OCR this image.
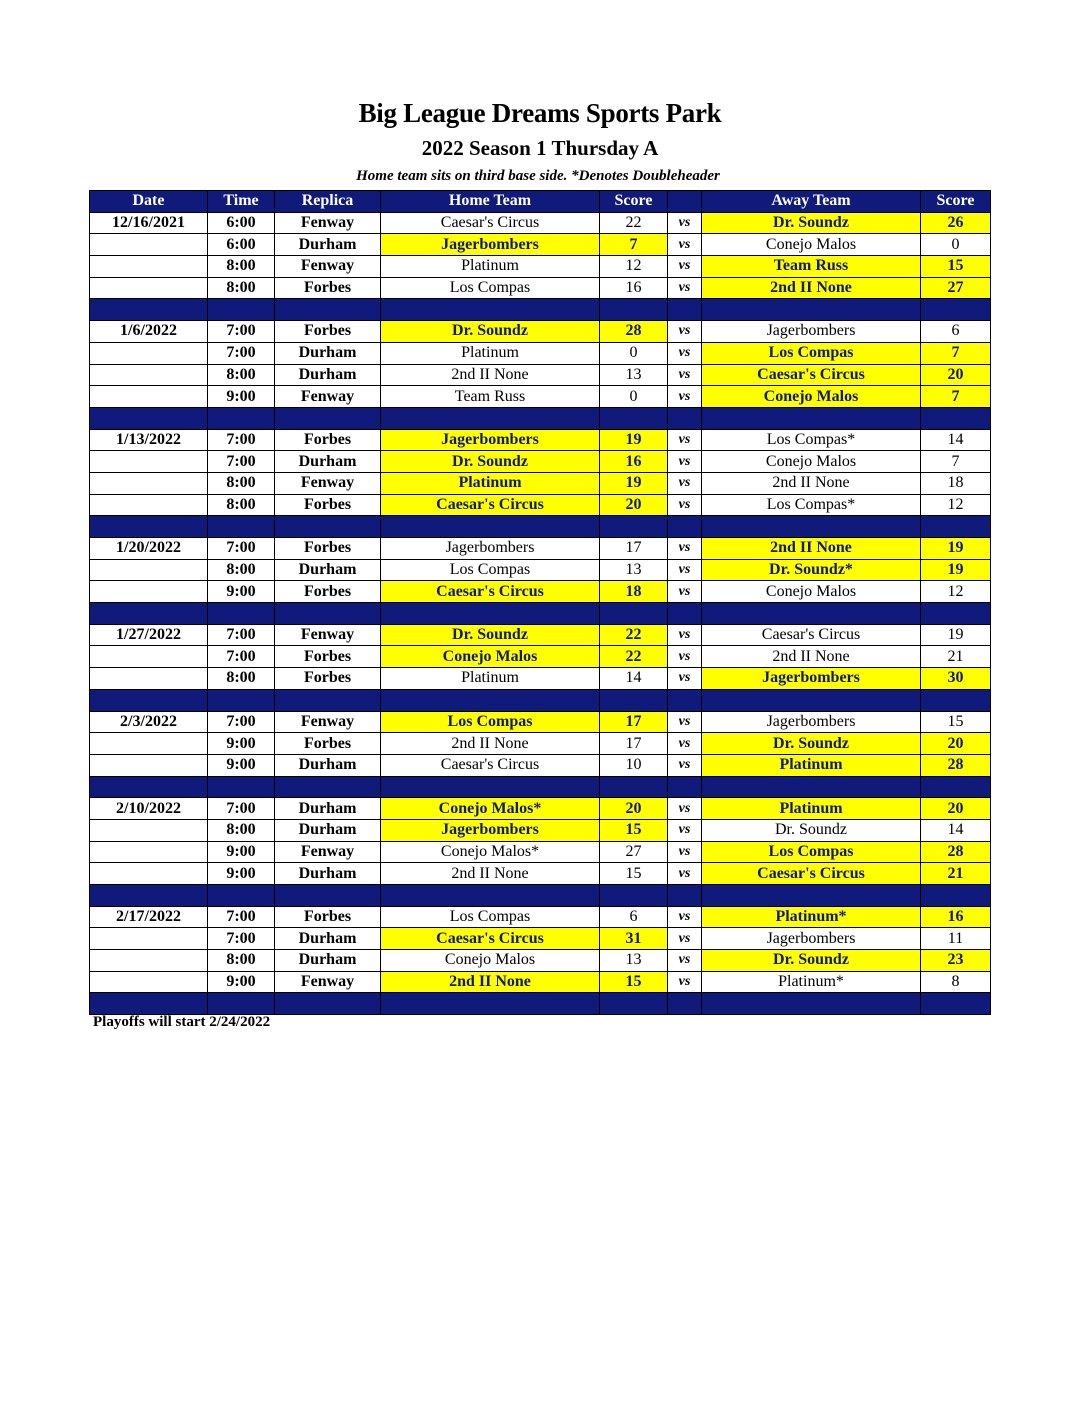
Big League Dreams Sports Park
2022 Season 1 Thursday A
Home team sits on third base side. *Denotes Doubleheader
Date	Time	Replica	Home Team	Score		Away Team	Score
12/16/2021	6:00	Fenway	Caesar's Circus	22	vs	Dr. Soundz	26
	6:00	Durham	Jagerbombers	7	vs	Conejo Malos	0
	8:00	Fenway	Platinum	12	vs	Team Russ	15
	8:00	Forbes	Los Compas	16	vs	2nd II None	27

1/6/2022	7:00	Forbes	Dr. Soundz	28	vs	Jagerbombers	6
	7:00	Durham	Platinum	0	vs	Los Compas	7
	8:00	Durham	2nd II None	13	vs	Caesar's Circus	20
	9:00	Fenway	Team Russ	0	vs	Conejo Malos	7

1/13/2022	7:00	Forbes	Jagerbombers	19	vs	Los Compas*	14
	7:00	Durham	Dr. Soundz	16	vs	Conejo Malos	7
	8:00	Fenway	Platinum	19	vs	2nd II None	18
	8:00	Forbes	Caesar's Circus	20	vs	Los Compas*	12

1/20/2022	7:00	Forbes	Jagerbombers	17	vs	2nd II None	19
	8:00	Durham	Los Compas	13	vs	Dr. Soundz*	19
	9:00	Forbes	Caesar's Circus	18	vs	Conejo Malos	12

1/27/2022	7:00	Fenway	Dr. Soundz	22	vs	Caesar's Circus	19
	7:00	Forbes	Conejo Malos	22	vs	2nd II None	21
	8:00	Forbes	Platinum	14	vs	Jagerbombers	30

2/3/2022	7:00	Fenway	Los Compas	17	vs	Jagerbombers	15
	9:00	Forbes	2nd II None	17	vs	Dr. Soundz	20
	9:00	Durham	Caesar's Circus	10	vs	Platinum	28

2/10/2022	7:00	Durham	Conejo Malos*	20	vs	Platinum	20
	8:00	Durham	Jagerbombers	15	vs	Dr. Soundz	14
	9:00	Fenway	Conejo Malos*	27	vs	Los Compas	28
	9:00	Durham	2nd II None	15	vs	Caesar's Circus	21

2/17/2022	7:00	Forbes	Los Compas	6	vs	Platinum*	16
	7:00	Durham	Caesar's Circus	31	vs	Jagerbombers	11
	8:00	Durham	Conejo Malos	13	vs	Dr. Soundz	23
	9:00	Fenway	2nd II None	15	vs	Platinum*	8

Playoffs will start 2/24/2022
